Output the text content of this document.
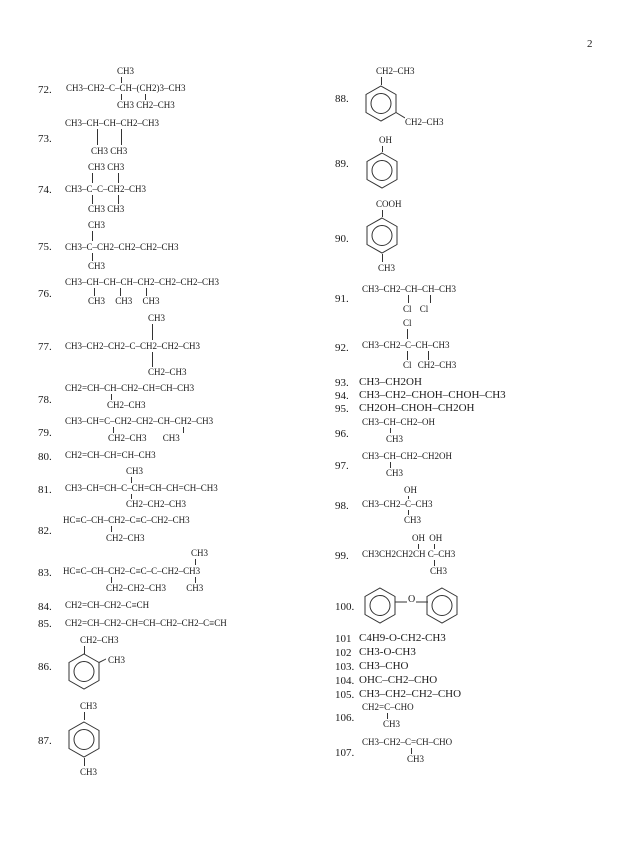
2
72.
CH3
CH3–CH2–C–CH–(CH2)3–CH3
CH3 CH2–CH3
73.
CH3–CH–CH–CH2–CH3
CH3 CH3
74.
CH3 CH3
CH3–C–C–CH2–CH3
CH3 CH3
75.
CH3
CH3–C–CH2–CH2–CH2–CH3
CH3
76.
CH3–CH–CH–CH–CH2–CH2–CH2–CH3
CH3 CH3 CH3
77.
CH3
CH3–CH2–CH2–C–CH2–CH2–CH3
CH2–CH3
78.
CH2=CH–CH–CH2–CH=CH–CH3
CH2–CH3
79.
CH3–CH=C–CH2–CH2–CH–CH2–CH3
CH2–CH3 CH3
80. CH2=CH–CH=CH–CH3
81.
CH3
CH3–CH=CH–C–CH=CH–CH=CH–CH3
CH2–CH2–CH3
82.
HC≡C–CH–CH2–C≡C–CH2–CH3
CH2–CH3
83.
CH3
HC≡C–CH–CH2–C≡C–C–CH2–CH3
CH2–CH2–CH3 CH3
84. CH2=CH–CH2–C≡CH
85. CH2=CH–CH2–CH=CH–CH2–CH2–C≡CH
86.
CH2–CH3
CH3
87.
CH3
CH3
88.
CH2–CH3
CH2–CH3
89.
OH
90.
COOH
CH3
91.
CH3–CH2–CH–CH–CH3
Cl Cl
92.
Cl
CH3–CH2–C–CH–CH3
Cl CH2–CH3
93. CH3–CH2OH
94. CH3–CH2–CHOH–CHOH–CH3
95. CH2OH–CHOH–CH2OH
96.
CH3–CH–CH2–OH
CH3
97.
CH3–CH–CH2–CH2OH
CH3
98.
OH
CH3–CH2–C–CH3
CH3
99.
OH OH
CH3CH2CH2CH C–CH3
CH3
100.
O
101 C4H9-O-CH2-CH3
102 CH3-O-CH3
103. CH3–CHO
104. OHC–CH2–CHO
105. CH3–CH2–CH2–CHO
106.
CH2=C–CHO
CH3
107.
CH3–CH2–C=CH–CHO
CH3
